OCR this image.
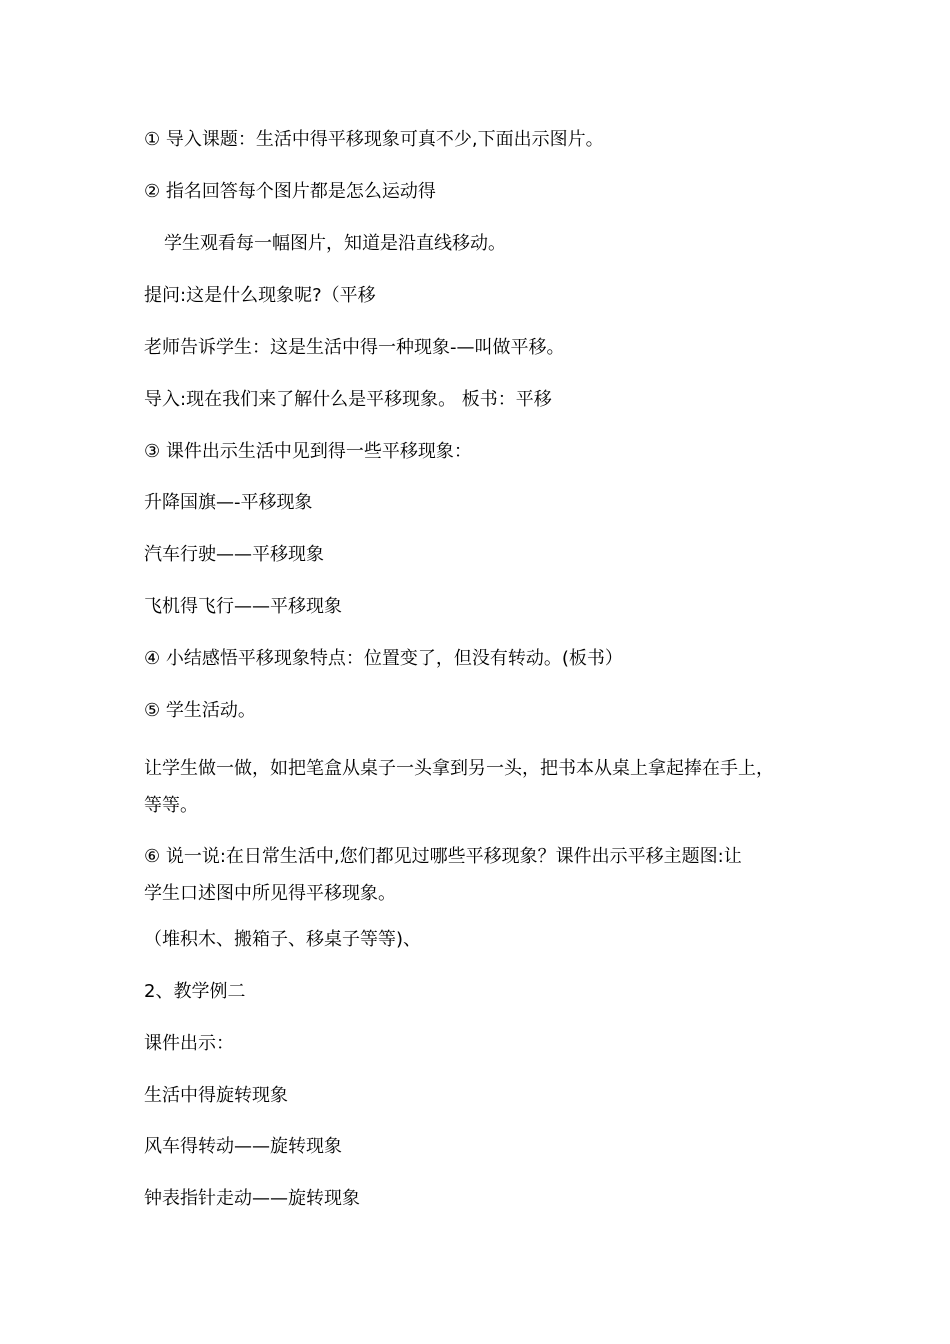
① 导入课题：生活中得平移现象可真不少,下面出示图片。

② 指名回答每个图片都是怎么运动得

学生观看每一幅图片，知道是沿直线移动。

提问:这是什么现象呢?（平移

老师告诉学生：这是生活中得一种现象-—叫做平移。

导入:现在我们来了解什么是平移现象。 板书：平移

③ 课件出示生活中见到得一些平移现象：

升降国旗—-平移现象

汽车行驶——平移现象

飞机得飞行——平移现象

④ 小结感悟平移现象特点：位置变了，但没有转动。(板书）

⑤ 学生活动。

让学生做一做，如把笔盒从桌子一头拿到另一头，把书本从桌上拿起捧在手上，
等等。
⑥ 说一说:在日常生活中,您们都见过哪些平移现象？课件出示平移主题图:让
学生口述图中所见得平移现象。

（堆积木、搬箱子、移桌子等等)、

2、教学例二

课件出示：

生活中得旋转现象

风车得转动——旋转现象

钟表指针走动——旋转现象
